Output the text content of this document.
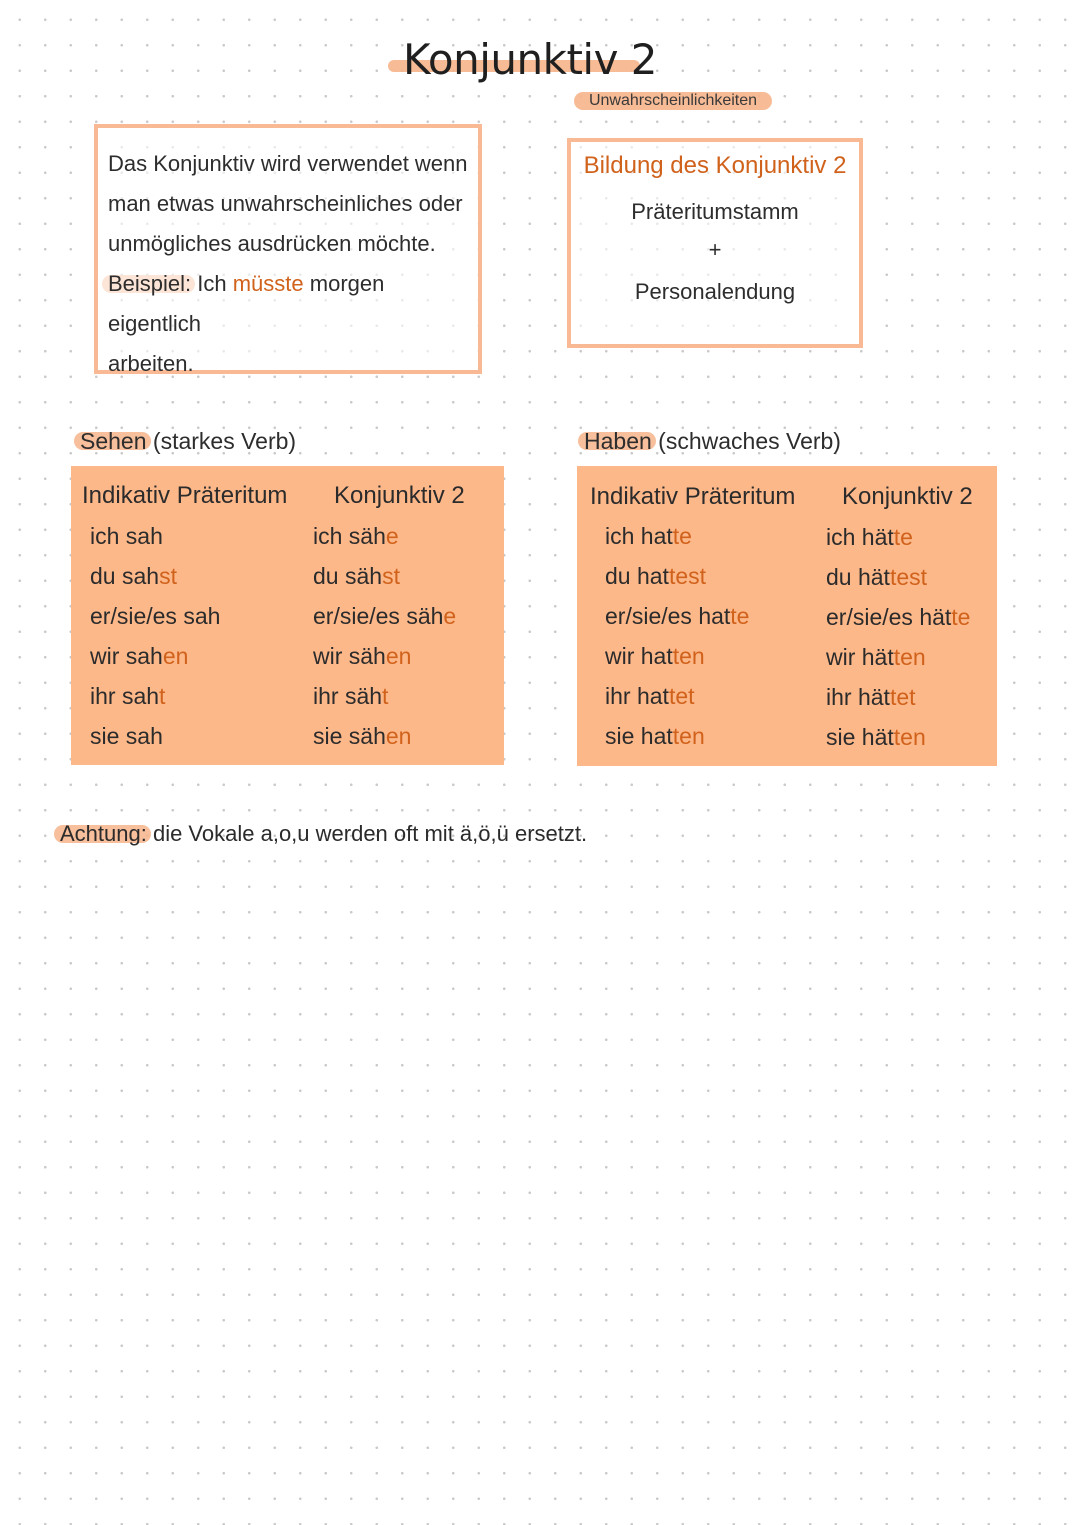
Konjunktiv 2
Unwahrscheinlichkeiten
Das Konjunktiv wird verwendet wenn
man etwas unwahrscheinliches oder
unmögliches ausdrücken möchte.
Beispiel: Ich müsste morgen eigentlich
arbeiten.
Bildung des Konjunktiv 2
Präteritumstamm
+
Personalendung
Sehen (starkes Verb)
Indikativ Präteritum Konjunktiv 2
ich sah
du sahst
er/sie/es sah
wir sahen
ihr saht
sie sah
ich sähe
du sähst
er/sie/es sähe
wir sähen
ihr säht
sie sähen
Haben (schwaches Verb)
Indikativ Präteritum Konjunktiv 2
ich hatte
du hattest
er/sie/es hatte
wir hatten
ihr hattet
sie hatten
ich hätte
du hättest
er/sie/es hätte
wir hätten
ihr hättet
sie hätten
Achtung: die Vokale a,o,u werden oft mit ä,ö,ü ersetzt.
